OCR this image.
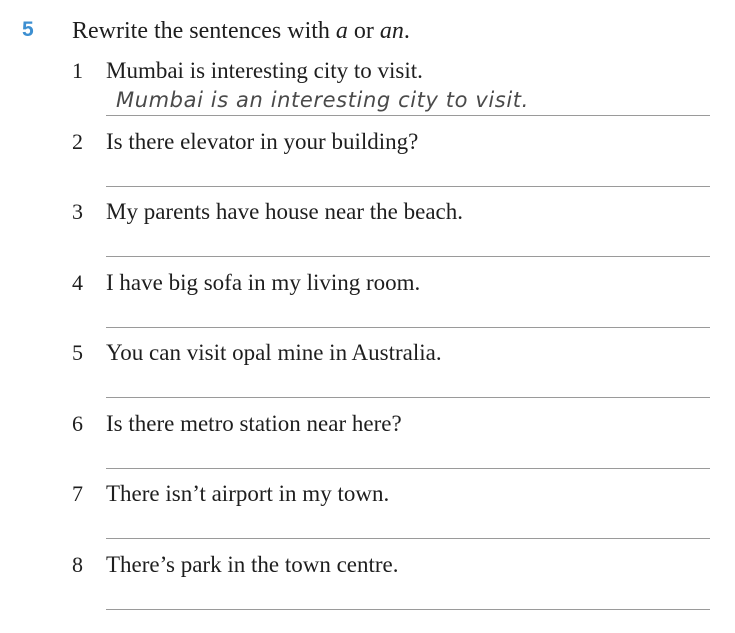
5 Rewrite the sentences with a or an.
1 Mumbai is interesting city to visit.
Mumbai is an interesting city to visit.
2 Is there elevator in your building?
3 My parents have house near the beach.
4 I have big sofa in my living room.
5 You can visit opal mine in Australia.
6 Is there metro station near here?
7 There isn’t airport in my town.
8 There’s park in the town centre.
